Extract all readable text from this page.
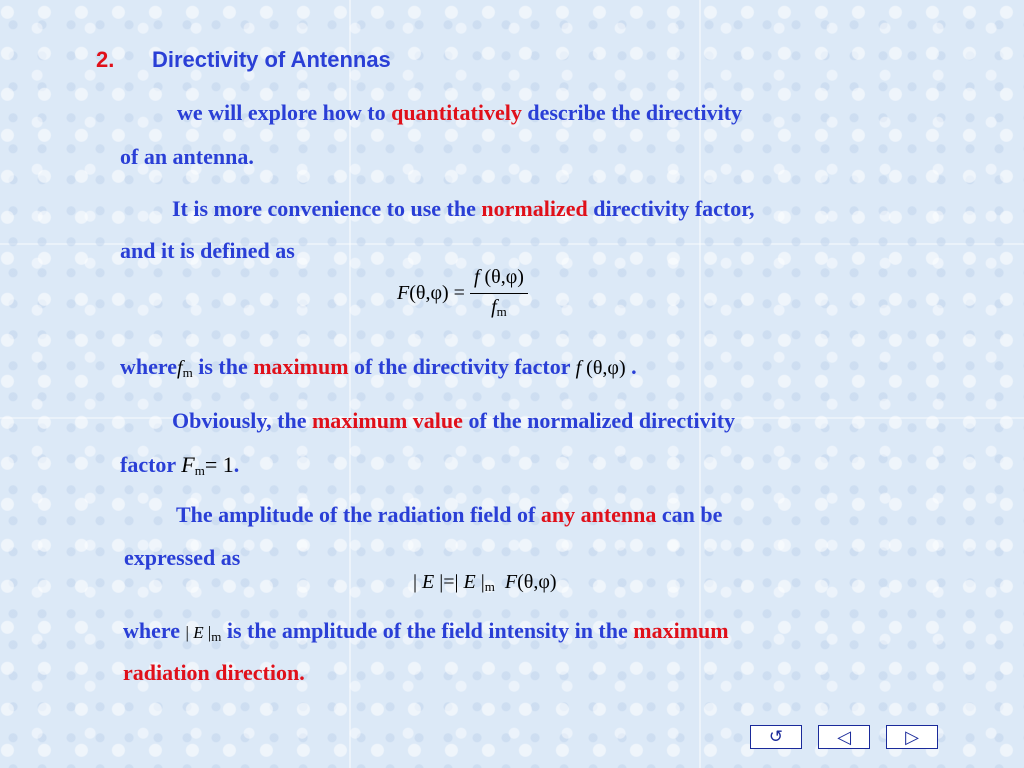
2. Directivity of Antennas
we will explore how to quantitatively describe the directivity
of an antenna.
It is more convenience to use the normalized directivity factor,
and it is defined as
$F(\theta,\varphi) = \frac{f (\theta,\varphi)}{f_m}$
wheref$_m$ is the maximum of the directivity factor f (θ,φ) .
Obviously, the maximum value of the normalized directivity
factor $F_m= 1$.
The amplitude of the radiation field of any antenna can be
expressed as
| E |=| E $|_m$ F(θ,φ)
where | E $|_m$ is the amplitude of the field intensity in the maximum
radiation direction.
↺	◁	▷
